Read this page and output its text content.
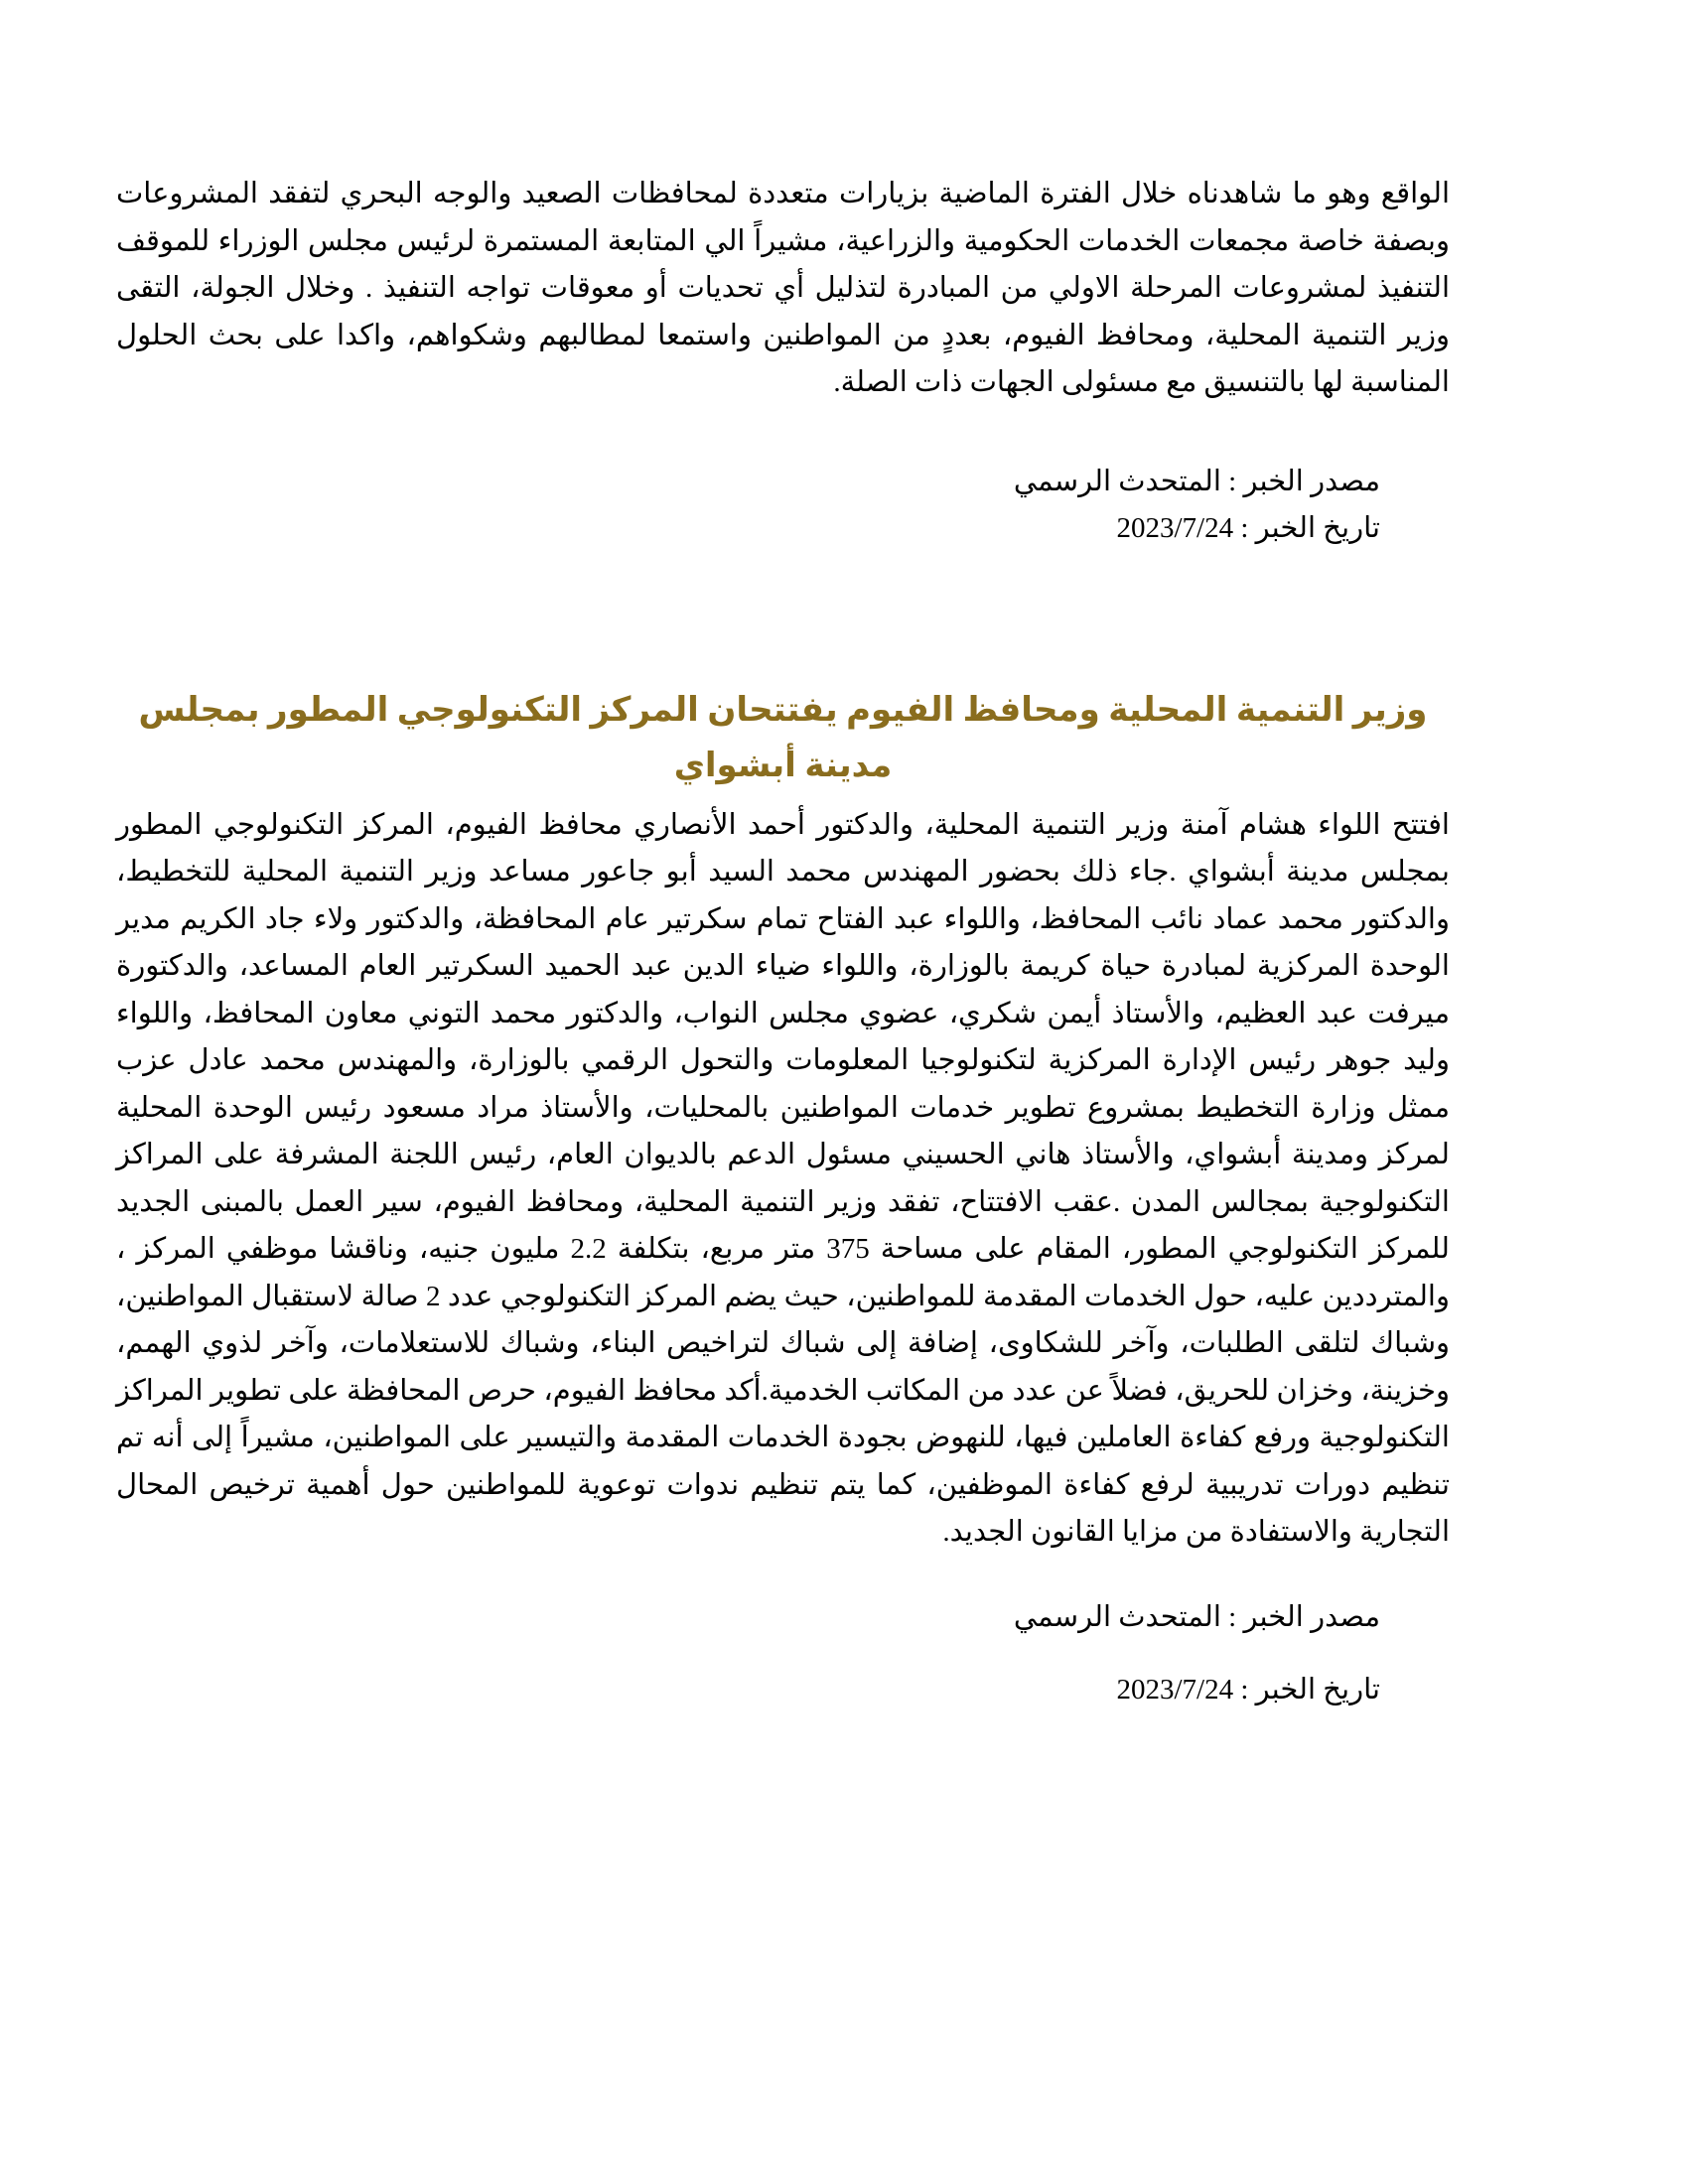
الواقع وهو ما شاهدناه خلال الفترة الماضية بزيارات متعددة لمحافظات الصعيد والوجه البحري لتفقد المشروعات وبصفة خاصة مجمعات الخدمات الحكومية والزراعية، مشيراً الي المتابعة المستمرة لرئيس مجلس الوزراء للموقف التنفيذ لمشروعات المرحلة الاولي من المبادرة لتذليل أي تحديات أو معوقات تواجه التنفيذ . وخلال الجولة، التقى وزير التنمية المحلية، ومحافظ الفيوم، بعددٍ من المواطنين واستمعا لمطالبهم وشكواهم، واكدا على بحث الحلول المناسبة لها بالتنسيق مع مسئولى الجهات ذات الصلة.

مصدر الخبر : المتحدث الرسمي

تاريخ الخبر : 2023/7/24

وزير التنمية المحلية ومحافظ الفيوم يفتتحان المركز التكنولوجي المطور بمجلس مدينة أبشواي

افتتح اللواء هشام آمنة وزير التنمية المحلية، والدكتور أحمد الأنصاري محافظ الفيوم، المركز التكنولوجي المطور بمجلس مدينة أبشواي .جاء ذلك بحضور المهندس محمد السيد أبو جاعور مساعد وزير التنمية المحلية للتخطيط، والدكتور محمد عماد نائب المحافظ، واللواء عبد الفتاح تمام سكرتير عام المحافظة، والدكتور ولاء جاد الكريم مدير الوحدة المركزية لمبادرة حياة كريمة بالوزارة، واللواء ضياء الدين عبد الحميد السكرتير العام المساعد، والدكتورة ميرفت عبد العظيم، والأستاذ أيمن شكري، عضوي مجلس النواب، والدكتور محمد التوني معاون المحافظ، واللواء وليد جوهر رئيس الإدارة المركزية لتكنولوجيا المعلومات والتحول الرقمي بالوزارة، والمهندس محمد عادل عزب ممثل وزارة التخطيط بمشروع تطوير خدمات المواطنين بالمحليات، والأستاذ مراد مسعود رئيس الوحدة المحلية لمركز ومدينة أبشواي، والأستاذ هاني الحسيني مسئول الدعم بالديوان العام، رئيس اللجنة المشرفة على المراكز التكنولوجية بمجالس المدن .عقب الافتتاح، تفقد وزير التنمية المحلية، ومحافظ الفيوم، سير العمل بالمبنى الجديد للمركز التكنولوجي المطور، المقام على مساحة 375 متر مربع، بتكلفة 2.2 مليون جنيه، وناقشا موظفي المركز ، والمترددين عليه، حول الخدمات المقدمة للمواطنين، حيث يضم المركز التكنولوجي عدد 2 صالة لاستقبال المواطنين، وشباك لتلقى الطلبات، وآخر للشكاوى، إضافة إلى شباك لتراخيص البناء، وشباك للاستعلامات، وآخر لذوي الهمم، وخزينة، وخزان للحريق، فضلاً عن عدد من المكاتب الخدمية.أكد محافظ الفيوم، حرص المحافظة على تطوير المراكز التكنولوجية ورفع كفاءة العاملين فيها، للنهوض بجودة الخدمات المقدمة والتيسير على المواطنين، مشيراً إلى أنه تم تنظيم دورات تدريبية لرفع كفاءة الموظفين، كما يتم تنظيم ندوات توعوية للمواطنين حول أهمية ترخيص المحال التجارية والاستفادة من مزايا القانون الجديد.

مصدر الخبر : المتحدث الرسمي

تاريخ الخبر : 2023/7/24
